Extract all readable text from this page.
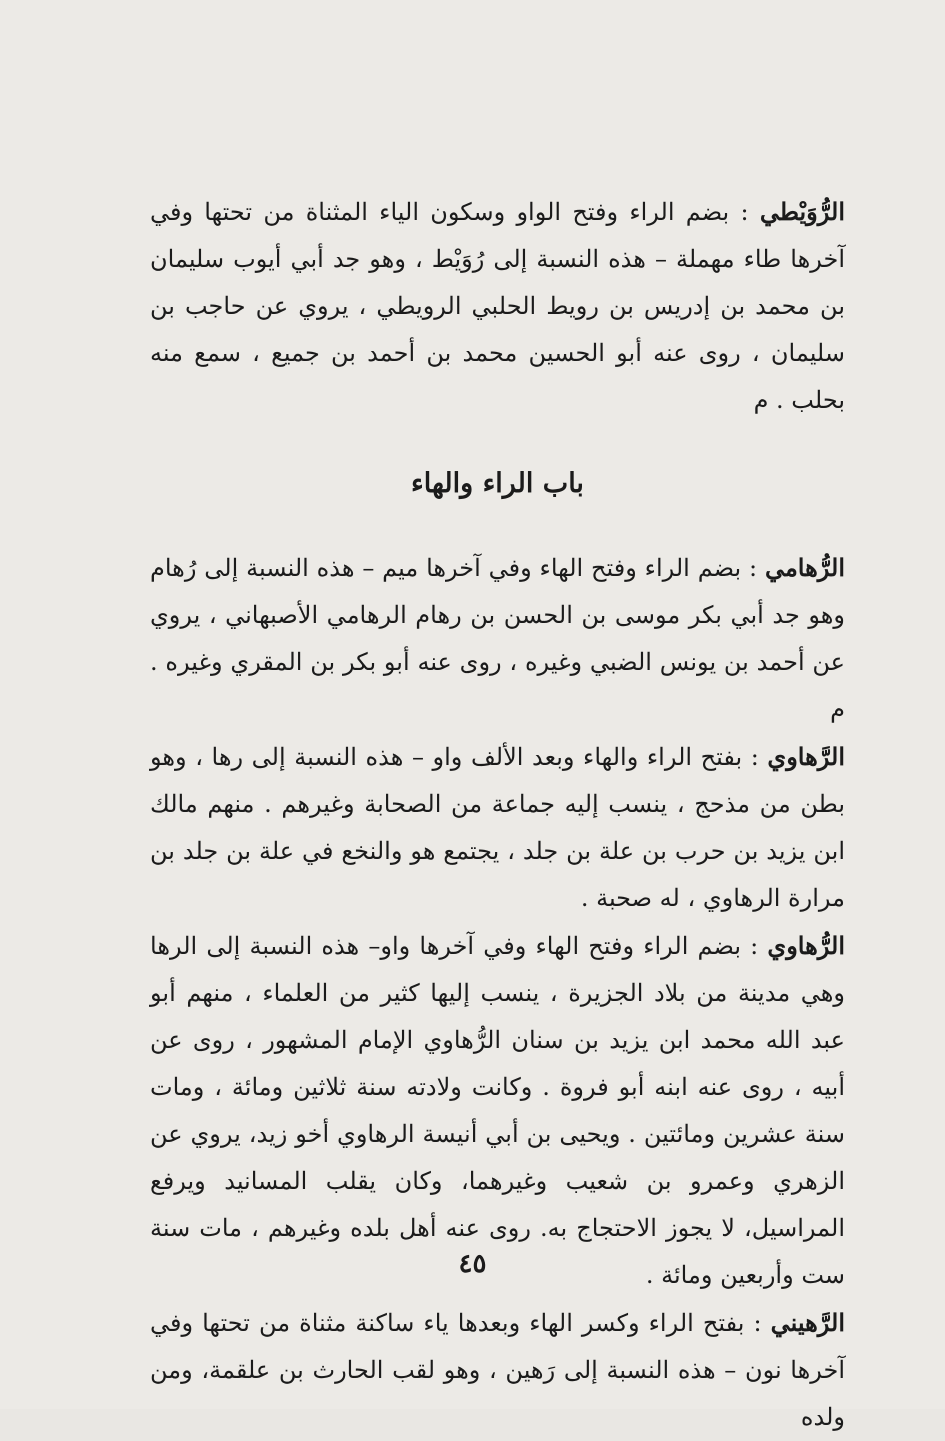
الرُّوَيْطي : بضم الراء وفتح الواو وسكون الياء المثناة من تحتها وفي آخرها طاء مهملة – هذه النسبة إلى رُوَيْط ، وهو جد أبي أيوب سليمان بن محمد بن إدريس بن رويط الحلبي الرويطي ، يروي عن حاجب بن سليمان ، روى عنه أبو الحسين محمد بن أحمد بن جميع ، سمع منه بحلب . م

باب الراء والهاء

الرُّهامي : بضم الراء وفتح الهاء وفي آخرها ميم – هذه النسبة إلى رُهام وهو جد أبي بكر موسى بن الحسن بن رهام الرهامي الأصبهاني ، يروي عن أحمد بن يونس الضبي وغيره ، روى عنه أبو بكر بن المقري وغيره . م

الرَّهاوي : بفتح الراء والهاء وبعد الألف واو – هذه النسبة إلى رها ، وهو بطن من مذحج ، ينسب إليه جماعة من الصحابة وغيرهم . منهم مالك ابن يزيد بن حرب بن علة بن جلد ، يجتمع هو والنخع في علة بن جلد بن مرارة الرهاوي ، له صحبة .

الرُّهاوي : بضم الراء وفتح الهاء وفي آخرها واو– هذه النسبة إلى الرها وهي مدينة من بلاد الجزيرة ، ينسب إليها كثير من العلماء ، منهم أبو عبد الله محمد ابن يزيد بن سنان الرُّهاوي الإمام المشهور ، روى عن أبيه ، روى عنه ابنه أبو فروة . وكانت ولادته سنة ثلاثين ومائة ، ومات سنة عشرين ومائتين . ويحيى بن أبي أنيسة الرهاوي أخو زيد، يروي عن الزهري وعمرو بن شعيب وغيرهما، وكان يقلب المسانيد ويرفع المراسيل، لا يجوز الاحتجاج به. روى عنه أهل بلده وغيرهم ، مات سنة ست وأربعين ومائة .

الرَّهيني : بفتح الراء وكسر الهاء وبعدها ياء ساكنة مثناة من تحتها وفي آخرها نون – هذه النسبة إلى رَهين ، وهو لقب الحارث بن علقمة، ومن ولده

٤٥
